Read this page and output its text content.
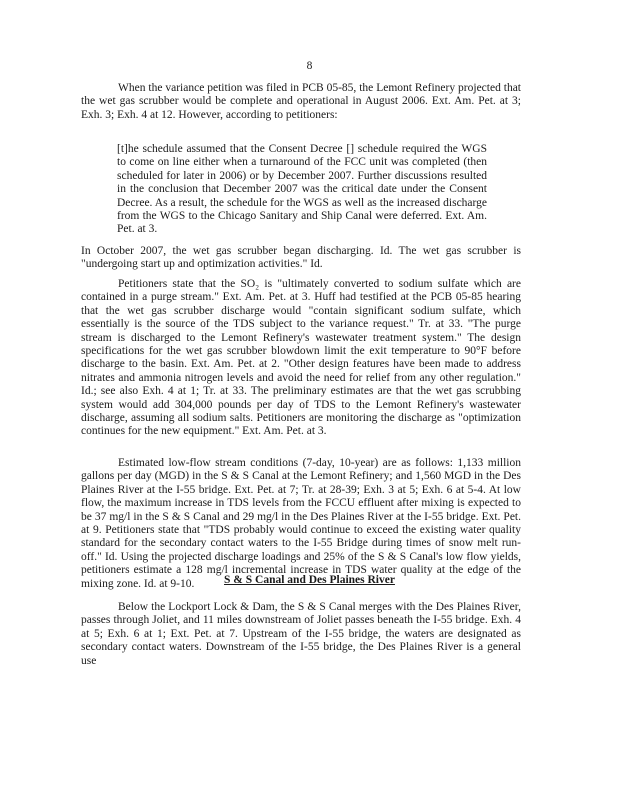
8

When the variance petition was filed in PCB 05-85, the Lemont Refinery projected that the wet gas scrubber would be complete and operational in August 2006. Ext. Am. Pet. at 3; Exh. 3; Exh. 4 at 12. However, according to petitioners:

[t]he schedule assumed that the Consent Decree [] schedule required the WGS to come on line either when a turnaround of the FCC unit was completed (then scheduled for later in 2006) or by December 2007. Further discussions resulted in the conclusion that December 2007 was the critical date under the Consent Decree. As a result, the schedule for the WGS as well as the increased discharge from the WGS to the Chicago Sanitary and Ship Canal were deferred. Ext. Am. Pet. at 3.

In October 2007, the wet gas scrubber began discharging. Id. The wet gas scrubber is "undergoing start up and optimization activities." Id.

Petitioners state that the SO₂ is "ultimately converted to sodium sulfate which are contained in a purge stream." Ext. Am. Pet. at 3. Huff had testified at the PCB 05-85 hearing that the wet gas scrubber discharge would "contain significant sodium sulfate, which essentially is the source of the TDS subject to the variance request." Tr. at 33. "The purge stream is discharged to the Lemont Refinery's wastewater treatment system." The design specifications for the wet gas scrubber blowdown limit the exit temperature to 90°F before discharge to the basin. Ext. Am. Pet. at 2. "Other design features have been made to address nitrates and ammonia nitrogen levels and avoid the need for relief from any other regulation." Id.; see also Exh. 4 at 1; Tr. at 33. The preliminary estimates are that the wet gas scrubbing system would add 304,000 pounds per day of TDS to the Lemont Refinery's wastewater discharge, assuming all sodium salts. Petitioners are monitoring the discharge as "optimization continues for the new equipment." Ext. Am. Pet. at 3.

Estimated low-flow stream conditions (7-day, 10-year) are as follows: 1,133 million gallons per day (MGD) in the S & S Canal at the Lemont Refinery; and 1,560 MGD in the Des Plaines River at the I-55 bridge. Ext. Pet. at 7; Tr. at 28-39; Exh. 3 at 5; Exh. 6 at 5-4. At low flow, the maximum increase in TDS levels from the FCCU effluent after mixing is expected to be 37 mg/l in the S & S Canal and 29 mg/l in the Des Plaines River at the I-55 bridge. Ext. Pet. at 9. Petitioners state that "TDS probably would continue to exceed the existing water quality standard for the secondary contact waters to the I-55 Bridge during times of snow melt run-off." Id. Using the projected discharge loadings and 25% of the S & S Canal's low flow yields, petitioners estimate a 128 mg/l incremental increase in TDS water quality at the edge of the mixing zone. Id. at 9-10.	S & S Canal and Des Plaines River

Below the Lockport Lock & Dam, the S & S Canal merges with the Des Plaines River, passes through Joliet, and 11 miles downstream of Joliet passes beneath the I-55 bridge. Exh. 4 at 5; Exh. 6 at 1; Ext. Pet. at 7. Upstream of the I-55 bridge, the waters are designated as secondary contact waters. Downstream of the I-55 bridge, the Des Plaines River is a general use
